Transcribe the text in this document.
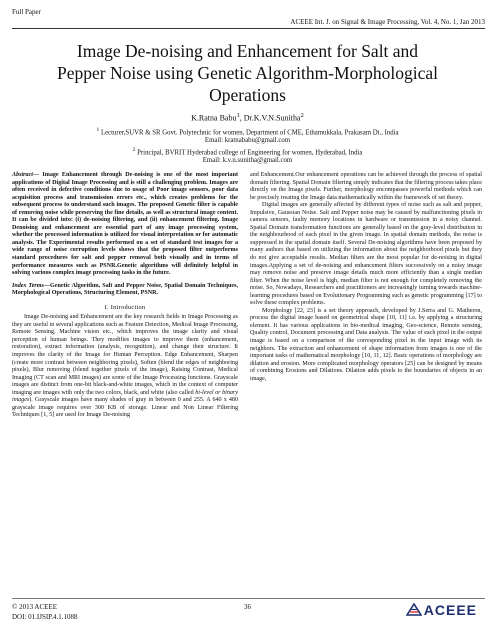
Full Paper
ACEEE Int. J. on Signal & Image Processing, Vol. 4, No. 1, Jan 2013
Image De-noising and Enhancement for Salt and
Pepper Noise using Genetic Algorithm-Morphological
Operations
K.Ratna Babu$^1$, Dr.K.V.N.Sunitha$^2$
$^1$ Lecturer,SUVR & SR Govt. Polytechnic for women, Department of CME, Ethamukkala, Prakasam Dt., India
Email: kratnababu@gmail.com
$^2$ Principal, BVRIT Hyderabad college of Engineering for women, Hyderabad, India
Email: k.v.n.sunitha@gmail.com

Abstract— Image Enhancement through De-noising is one of the most important applications of Digital Image Processing and is still a challenging problem. Images are often received in defective conditions due to usage of Poor image sensors, poor data acquisition process and transmission errors etc., which creates problems for the subsequent process to understand such images. The proposed Genetic filter is capable of removing noise while preserving the fine details, as well as structural image content. It can be divided into: (i) de-noising filtering, and (ii) enhancement filtering. Image Denoising and enhancement are essential part of any image processing system, whether the processed information is utilized for visual interpretation or for automatic analysis. The Experimental results performed on a set of standard test images for a wide range of noise corruption levels shows that the proposed filter outperforms standard procedures for salt and pepper removal both visually and in terms of performance measures such as PSNR.Genetic algorithms will definitely helpful in solving various complex image processing tasks in the future.

Index Terms—Genetic Algorithm, Salt and Pepper Noise, Spatial Domain Techniques, Morphological Operations, Structuring Element, PSNR.

I. Introduction

Image De-noising and Enhancement are the key research fields in Image Processing as they are useful in several applications such as Feature Detection, Medical Image Processing, Remote Sensing, Machine vision etc., which improves the image clarity and visual perception of human beings. They modifies images to improve them (enhancement, restoration), extract information (analysis, recognition), and change their structure. It improves the clarity of the Image for Human Perception. Edge Enhancement, Sharpen (create more contrast between neighboring pixels), Soften (blend the edges of neighboring pixels), Blur removing (blend together pixels of the image), Raising Contrast, Medical Imaging (CT scan and MRI images) are some of the Image Processing functions. Grayscale images are distinct from one-bit black-and-white images, which in the context of computer imaging are images with only the two colors, black, and white (also called bi-level or binary images). Grayscale images have many shades of gray in between 0 and 255. A 640 x 480 grayscale image requires over 300 KB of storage. Linear and Non Linear Filtering Techniques [1, 5] are used for Image De-noising

and Enhancement.Our enhancement operations can be achieved through the process of spatial domain filtering. Spatial Domain filtering simply indicates that the filtering process takes place directly on the Image pixels. Further, morphology encompasses powerful methods which can be precisely treating the Image data mathematically within the framework of set theory.

Digital images are generally affected by different types of noise such as salt and pepper, Impulsive, Gaussian Noise. Salt and Pepper noise may be caused by malfunctioning pixels in camera sensors, faulty memory locations in hardware or transmission in a noisy channel. Spatial Domain transformation functions are generally based on the gray-level distribution in the neighbourhood of each pixel in the given image. In spatial domain methods, the noise is suppressed in the spatial domain itself. Several De-noising algorithms have been proposed by many authors that based on utilizing the information about the neighborhood pixels but they do not give acceptable results. Median filters are the most popular for de-noising in digital images.Applying a set of de-noising and enhancement filters successively on a noisy image may remove noise and preserve image details much more efficiently than a single median filter. When the noise level is high, median filter is not enough for completely removing the noise. So, Nowadays, Researchers and practitioners are increasingly turning towards machine-learning procedures based on Evolutionary Programming such as genetic programming [17] to solve these complex problems.

Morphology [22, 23] is a set theory approach, developed by J.Serra and G. Matheron, process the digital image based on geometrical shape [10, 11] i.e. by applying a structuring element. It has various applications in bio-medical imaging, Geo-science, Remote sensing, Quality control, Document processing and Data analysis. The value of each pixel in the output image is based on a comparison of the corresponding pixel in the input image with its neighbors. The extraction and enhancement of shape information from images is one of the important tasks of mathematical morphology [10, 11, 12]. Basic operations of morphology are dilation and erosion. More complicated morphology operators [25] can be designed by means of combining Erosions and Dilations. Dilation adds pixels to the boundaries of objects in an image,

© 2013 ACEEE
DOI: 01.IJSIP.4.1.1088
36	ACEEE
